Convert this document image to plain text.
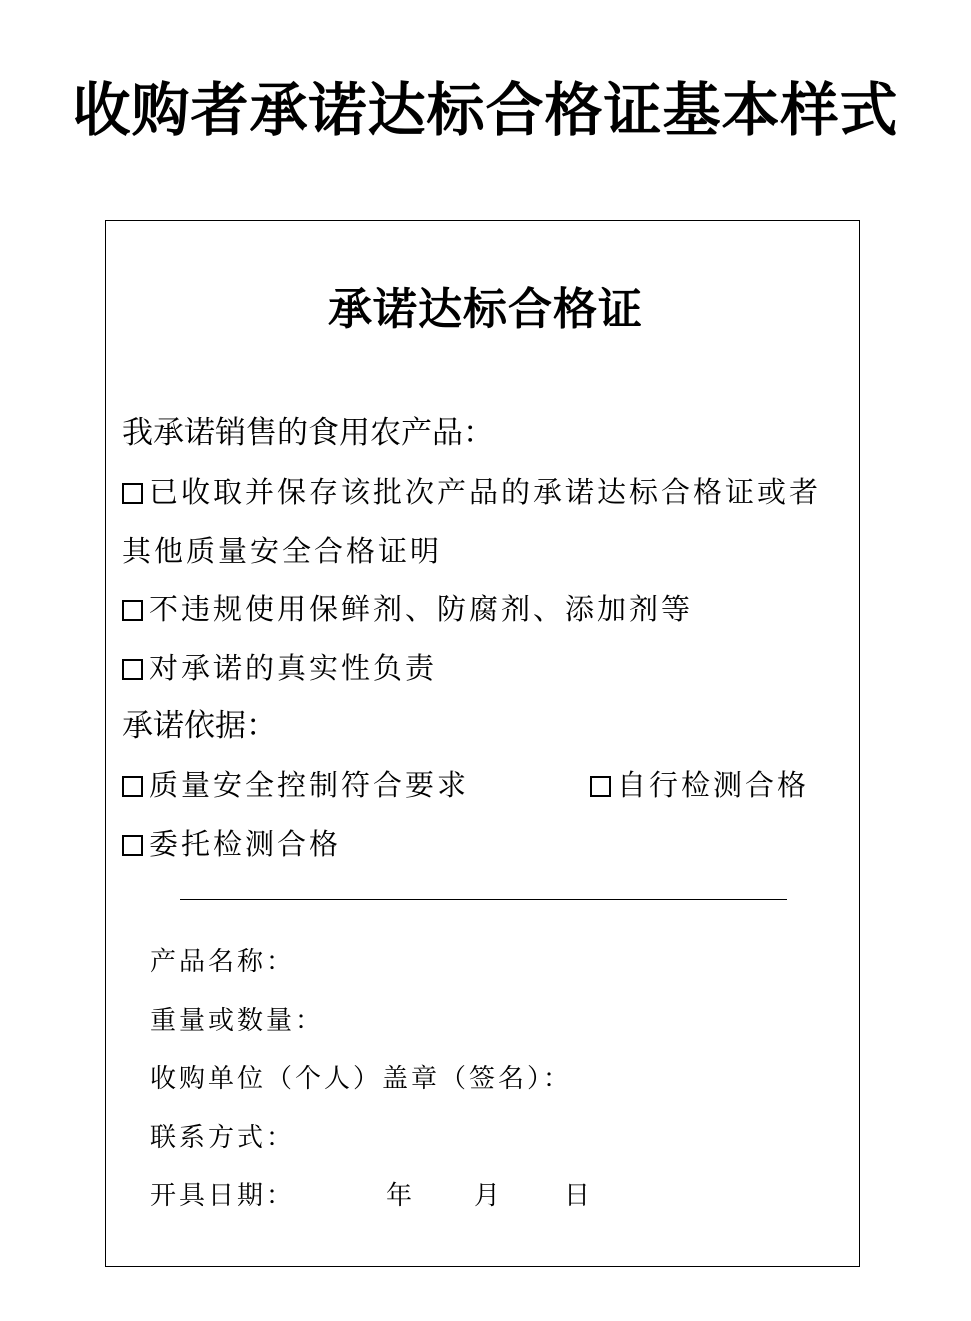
收购者承诺达标合格证基本样式
承诺达标合格证
我承诺销售的食用农产品：
已收取并保存该批次产品的承诺达标合格证或者
其他质量安全合格证明
不违规使用保鲜剂、防腐剂、添加剂等
对承诺的真实性负责
承诺依据：
质量安全控制符合要求	自行检测合格
委托检测合格
产品名称：
重量或数量：
收购单位（个人）盖章（签名）：
联系方式：
开具日期：	年 月 日
